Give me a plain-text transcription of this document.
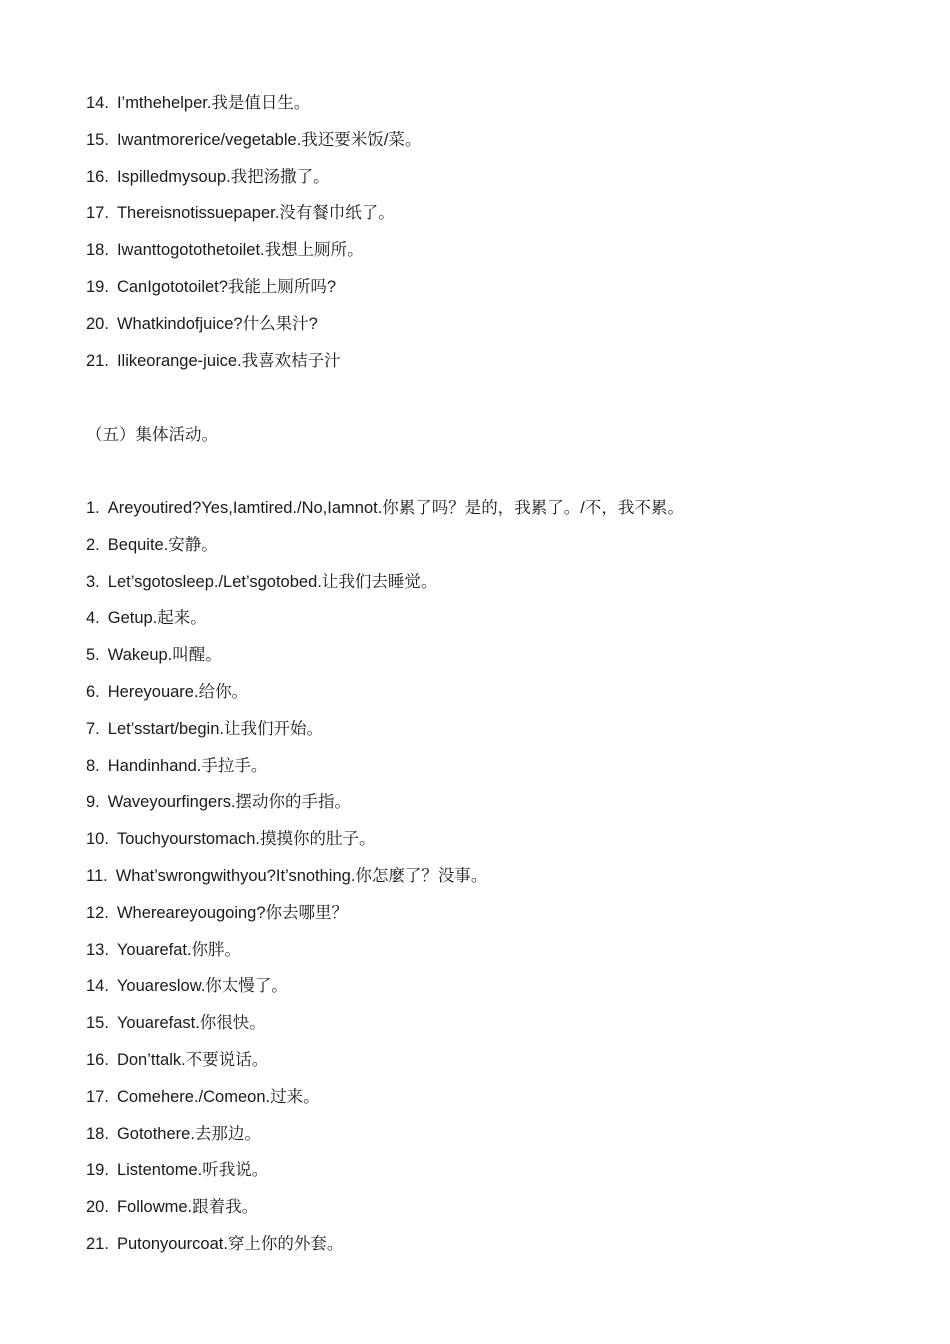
14. I’mthehelper.我是值日生。
15. Iwantmorerice/vegetable.我还要米饭/菜。
16. Ispilledmysoup.我把汤撒了。
17. Thereisnotissuepaper.没有餐巾纸了。
18. Iwanttogotothetoilet.我想上厕所。
19. CanIgototoilet?我能上厕所吗?
20. Whatkindofjuice?什么果汁?
21. Ilikeorange-juice.我喜欢桔子汁
（五）集体活动。
1. Areyoutired?Yes,Iamtired./No,Iamnot.你累了吗？是的，我累了。/不，我不累。
2. Bequite.安静。
3. Let’sgotosleep./Let’sgotobed.让我们去睡觉。
4. Getup.起来。
5. Wakeup.叫醒。
6. Hereyouare.给你。
7. Let’sstart/begin.让我们开始。
8. Handinhand.手拉手。
9. Waveyourfingers.摆动你的手指。
10. Touchyourstomach.摸摸你的肚子。
11. What’swrongwithyou?It’snothing.你怎麼了？没事。
12. Whereareyougoing?你去哪里？
13. Youarefat.你胖。
14. Youareslow.你太慢了。
15. Youarefast.你很快。
16. Don’ttalk.不要说话。
17. Comehere./Comeon.过来。
18. Gotothere.去那边。
19. Listentome.听我说。
20. Followme.跟着我。
21. Putonyourcoat.穿上你的外套。
